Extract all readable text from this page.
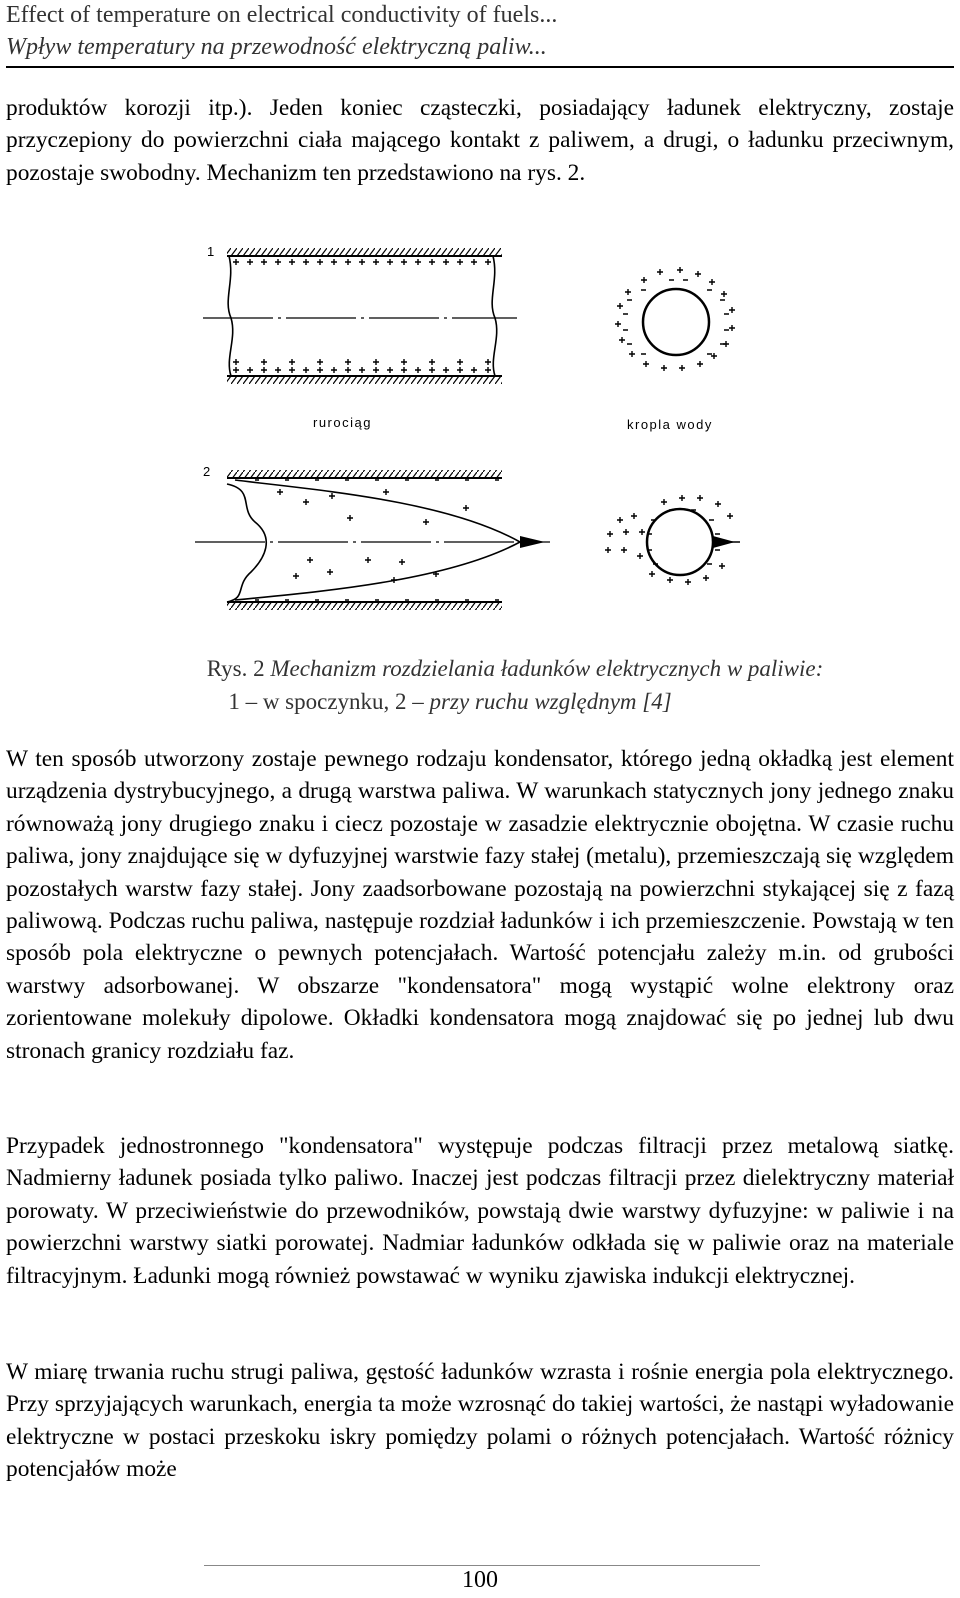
Effect of temperature on electrical conductivity of fuels...
Wpływ temperatury na przewodność elektryczną paliw...

produktów korozji itp.). Jeden koniec cząsteczki, posiadający ładunek elektryczny, zostaje przyczepiony do powierzchni ciała mającego kontakt z paliwem, a drugi, o ładunku przeciwnym, pozostaje swobodny. Mechanizm ten przedstawiono na rys. 2.

1
rurociąg	kropla wody
2
Rys. 2 Mechanizm rozdzielania ładunków elektrycznych w paliwie:
1 – w spoczynku, 2 – przy ruchu względnym [4]

W ten sposób utworzony zostaje pewnego rodzaju kondensator, którego jedną okładką jest element urządzenia dystrybucyjnego, a drugą warstwa paliwa. W warunkach statycznych jony jednego znaku równoważą jony drugiego znaku i ciecz pozostaje w zasadzie elektrycznie obojętna. W czasie ruchu paliwa, jony znajdujące się w dyfuzyjnej warstwie fazy stałej (metalu), przemieszczają się względem pozostałych warstw fazy stałej. Jony zaadsorbowane pozostają na powierzchni stykającej się z fazą paliwową. Podczas ruchu paliwa, następuje rozdział ładunków i ich przemieszczenie. Powstają w ten sposób pola elektryczne o pewnych potencjałach. Wartość potencjału zależy m.in. od grubości warstwy adsorbowanej. W obszarze "kondensatora" mogą wystąpić wolne elektrony oraz zorientowane molekuły dipolowe. Okładki kondensatora mogą znajdować się po jednej lub dwu stronach granicy rozdziału faz.

Przypadek jednostronnego "kondensatora" występuje podczas filtracji przez metalową siatkę. Nadmierny ładunek posiada tylko paliwo. Inaczej jest podczas filtracji przez dielektryczny materiał porowaty. W przeciwieństwie do przewodników, powstają dwie warstwy dyfuzyjne: w paliwie i na powierzchni warstwy siatki porowatej. Nadmiar ładunków odkłada się w paliwie oraz na materiale filtracyjnym. Ładunki mogą również powstawać w wyniku zjawiska indukcji elektrycznej.

W miarę trwania ruchu strugi paliwa, gęstość ładunków wzrasta i rośnie energia pola elektrycznego. Przy sprzyjających warunkach, energia ta może wzrosnąć do takiej wartości, że nastąpi wyładowanie elektryczne w postaci przeskoku iskry pomiędzy polami o różnych potencjałach. Wartość różnicy potencjałów może

100
